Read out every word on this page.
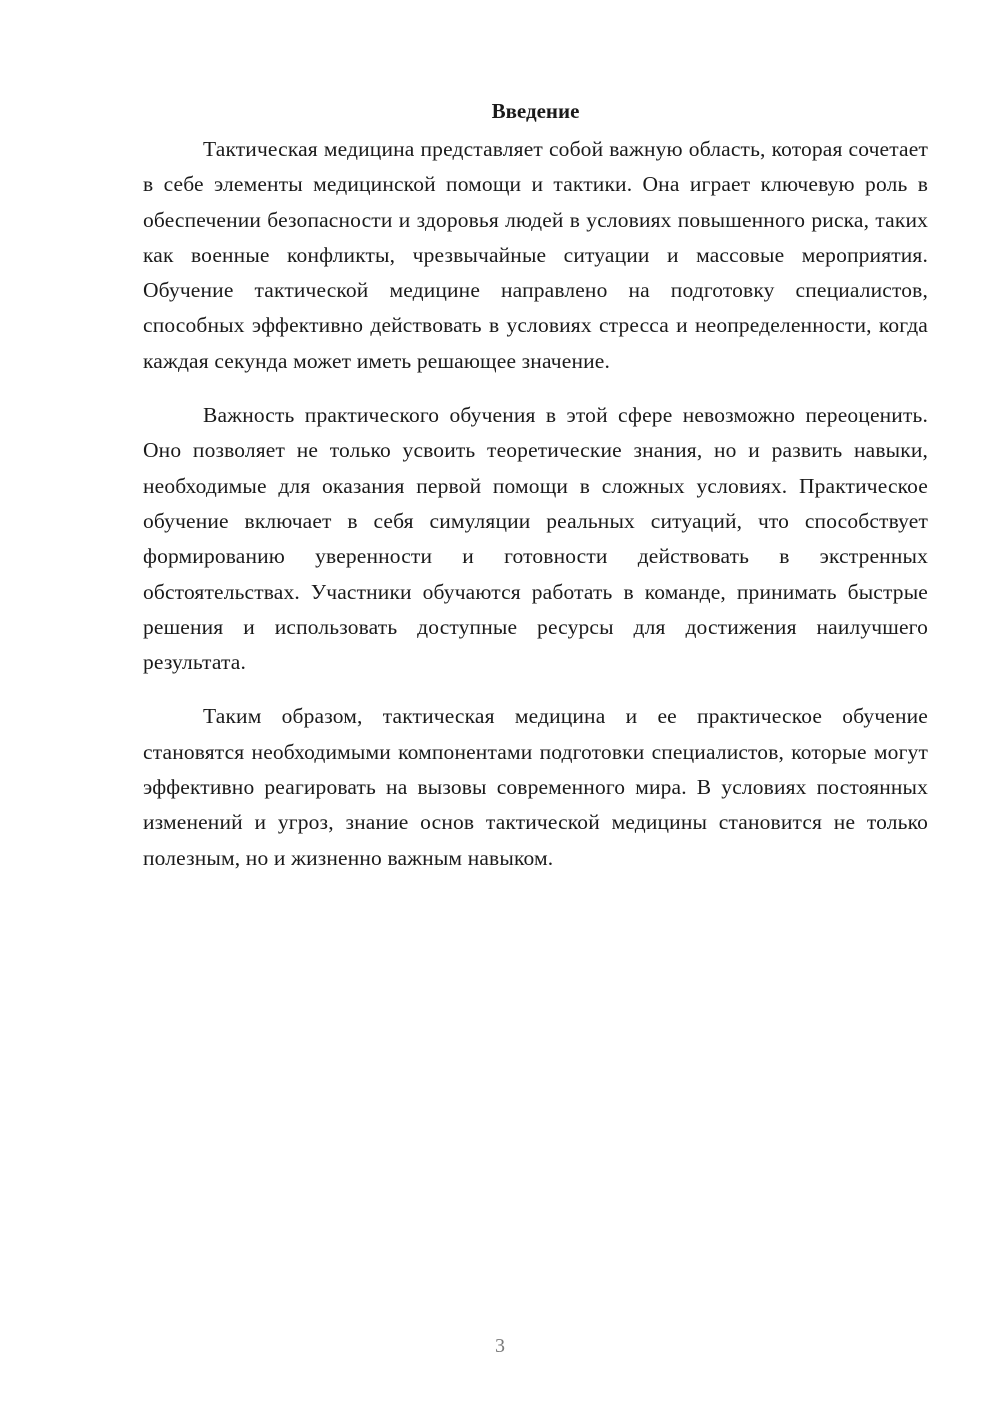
Введение

Тактическая медицина представляет собой важную область, которая сочетает в себе элементы медицинской помощи и тактики. Она играет ключевую роль в обеспечении безопасности и здоровья людей в условиях повышенного риска, таких как военные конфликты, чрезвычайные ситуации и массовые мероприятия. Обучение тактической медицине направлено на подготовку специалистов, способных эффективно действовать в условиях стресса и неопределенности, когда каждая секунда может иметь решающее значение.

Важность практического обучения в этой сфере невозможно переоценить. Оно позволяет не только усвоить теоретические знания, но и развить навыки, необходимые для оказания первой помощи в сложных условиях. Практическое обучение включает в себя симуляции реальных ситуаций, что способствует формированию уверенности и готовности действовать в экстренных обстоятельствах. Участники обучаются работать в команде, принимать быстрые решения и использовать доступные ресурсы для достижения наилучшего результата.

Таким образом, тактическая медицина и ее практическое обучение становятся необходимыми компонентами подготовки специалистов, которые могут эффективно реагировать на вызовы современного мира. В условиях постоянных изменений и угроз, знание основ тактической медицины становится не только полезным, но и жизненно важным навыком.

3
